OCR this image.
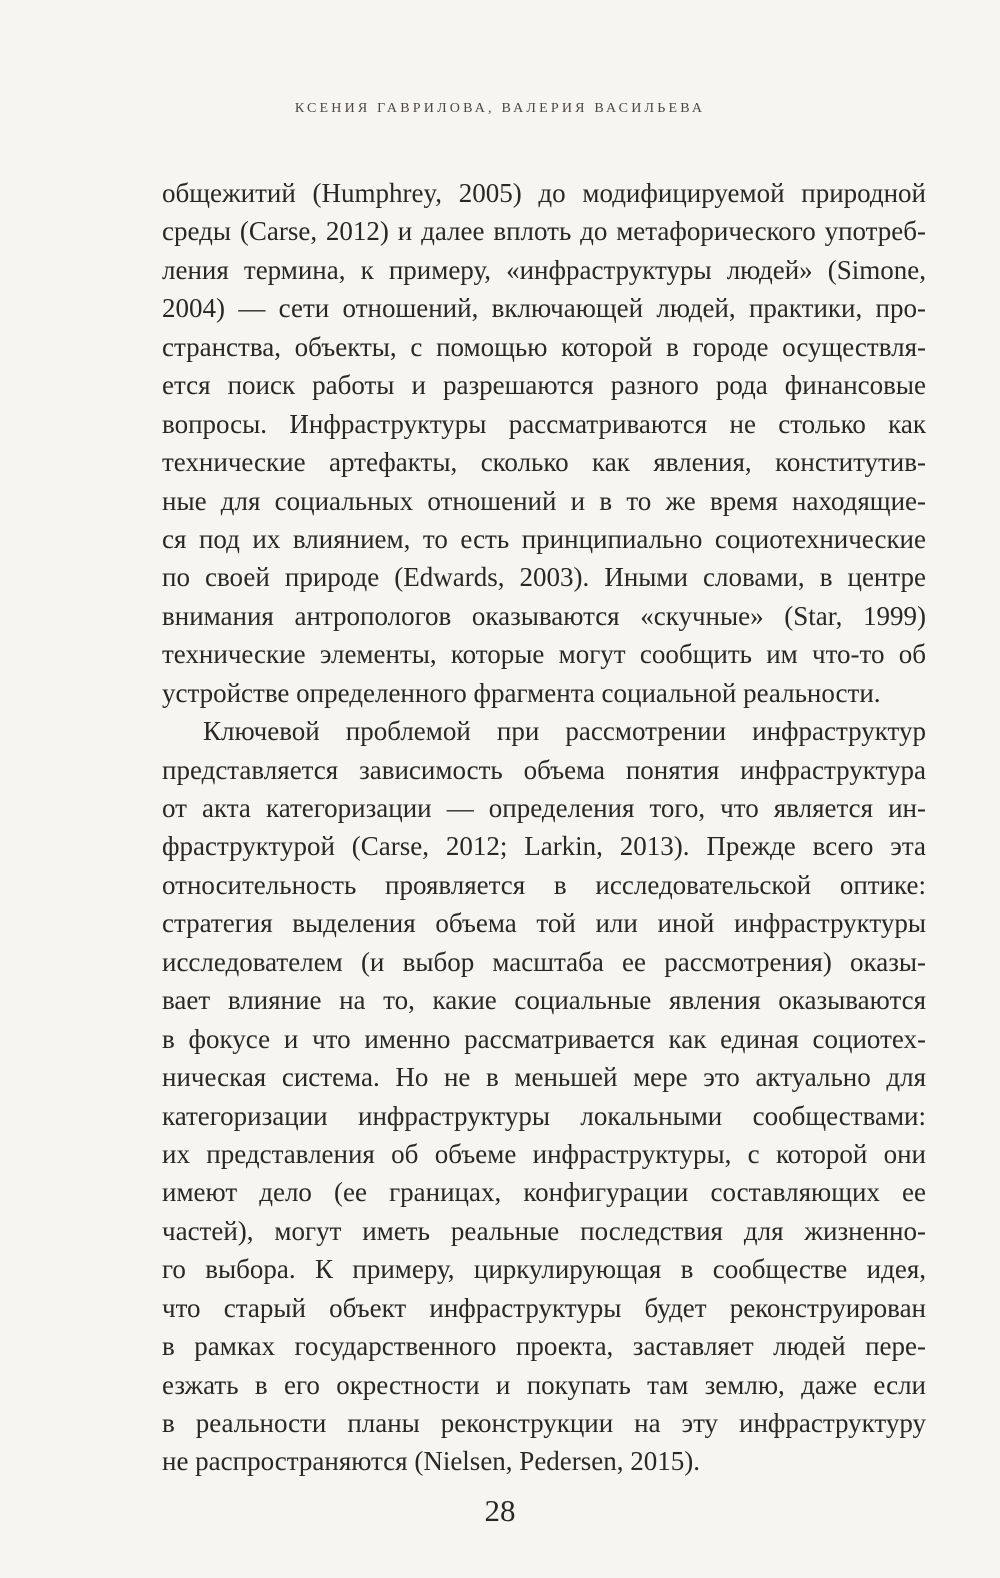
КСЕНИЯ ГАВРИЛОВА, ВАЛЕРИЯ ВАСИЛЬЕВА
общежитий (Humphrey, 2005) до модифицируемой природной
среды (Carse, 2012) и далее вплоть до метафорического употреб-
ления термина, к примеру, «инфраструктуры людей» (Simone,
2004) — сети отношений, включающей людей, практики, про-
странства, объекты, с помощью которой в городе осуществля-
ется поиск работы и разрешаются разного рода финансовые
вопросы. Инфраструктуры рассматриваются не столько как
технические артефакты, сколько как явления, конститутив-
ные для социальных отношений и в то же время находящие-
ся под их влиянием, то есть принципиально социотехнические
по своей природе (Edwards, 2003). Иными словами, в центре
внимания антропологов оказываются «скучные» (Star, 1999)
технические элементы, которые могут сообщить им что-то об
устройстве определенного фрагмента социальной реальности.
Ключевой проблемой при рассмотрении инфраструктур
представляется зависимость объема понятия инфраструктура
от акта категоризации — определения того, что является ин-
фраструктурой (Carse, 2012; Larkin, 2013). Прежде всего эта
относительность проявляется в исследовательской оптике:
стратегия выделения объема той или иной инфраструктуры
исследователем (и выбор масштаба ее рассмотрения) оказы-
вает влияние на то, какие социальные явления оказываются
в фокусе и что именно рассматривается как единая социотех-
ническая система. Но не в меньшей мере это актуально для
категоризации инфраструктуры локальными сообществами:
их представления об объеме инфраструктуры, с которой они
имеют дело (ее границах, конфигурации составляющих ее
частей), могут иметь реальные последствия для жизненно-
го выбора. К примеру, циркулирующая в сообществе идея,
что старый объект инфраструктуры будет реконструирован
в рамках государственного проекта, заставляет людей пере-
езжать в его окрестности и покупать там землю, даже если
в реальности планы реконструкции на эту инфраструктуру
не распространяются (Nielsen, Pedersen, 2015).
28
